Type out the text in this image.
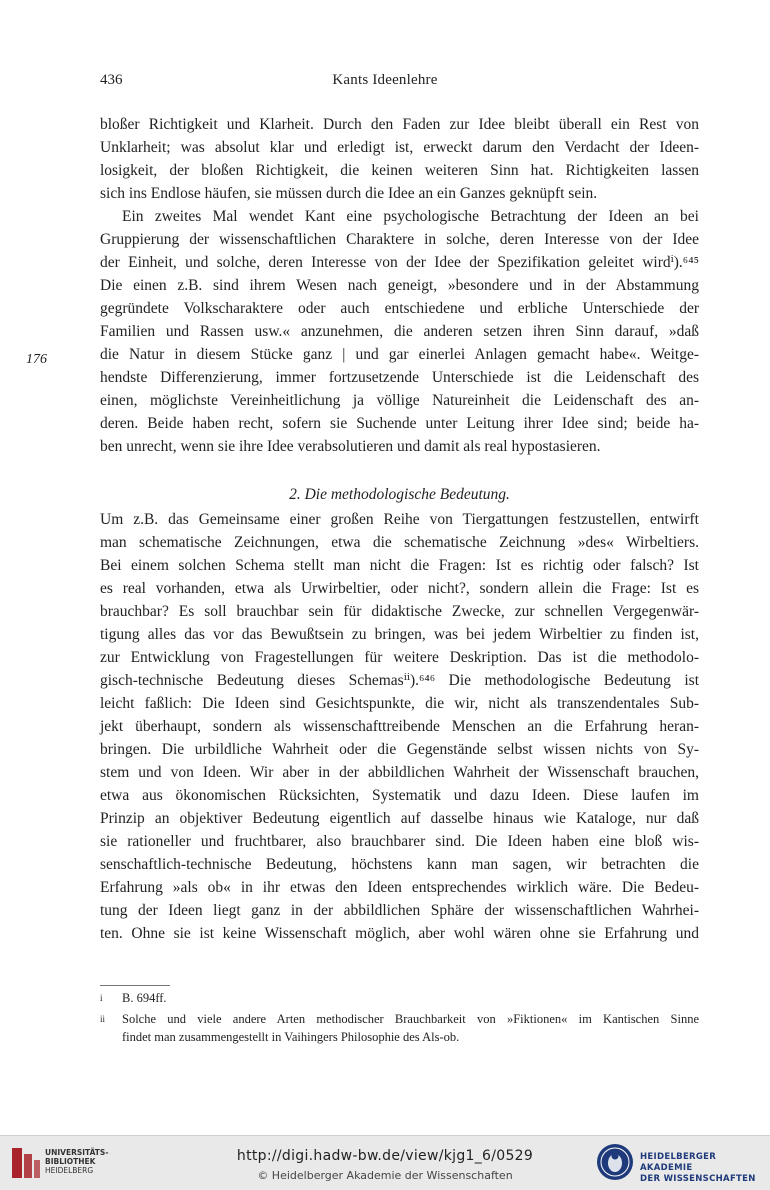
436	Kants Ideenlehre
176
bloßer Richtigkeit und Klarheit. Durch den Faden zur Idee bleibt überall ein Rest von
Unklarheit; was absolut klar und erledigt ist, erweckt darum den Verdacht der Ideen-
losigkeit, der bloßen Richtigkeit, die keinen weiteren Sinn hat. Richtigkeiten lassen
sich ins Endlose häufen, sie müssen durch die Idee an ein Ganzes geknüpft sein.
Ein zweites Mal wendet Kant eine psychologische Betrachtung der Ideen an bei
Gruppierung der wissenschaftlichen Charaktere in solche, deren Interesse von der Idee
der Einheit, und solche, deren Interesse von der Idee der Spezifikation geleitet wirdⁱ).⁶⁴⁵
Die einen z.B. sind ihrem Wesen nach geneigt, »besondere und in der Abstammung
gegründete Volkscharaktere oder auch entschiedene und erbliche Unterschiede der
Familien und Rassen usw.« anzunehmen, die anderen setzen ihren Sinn darauf, »daß
die Natur in diesem Stücke ganz | und gar einerlei Anlagen gemacht habe«. Weitge-
hendste Differenzierung, immer fortzusetzende Unterschiede ist die Leidenschaft des
einen, möglichste Vereinheitlichung ja völlige Natureinheit die Leidenschaft des an-
deren. Beide haben recht, sofern sie Suchende unter Leitung ihrer Idee sind; beide ha-
ben unrecht, wenn sie ihre Idee verabsolutieren und damit als real hypostasieren.
2. Die methodologische Bedeutung.
Um z.B. das Gemeinsame einer großen Reihe von Tiergattungen festzustellen, entwirft
man schematische Zeichnungen, etwa die schematische Zeichnung »des« Wirbeltiers.
Bei einem solchen Schema stellt man nicht die Fragen: Ist es richtig oder falsch? Ist
es real vorhanden, etwa als Urwirbeltier, oder nicht?, sondern allein die Frage: Ist es
brauchbar? Es soll brauchbar sein für didaktische Zwecke, zur schnellen Vergegenwär-
tigung alles das vor das Bewußtsein zu bringen, was bei jedem Wirbeltier zu finden ist,
zur Entwicklung von Fragestellungen für weitere Deskription. Das ist die methodolo-
gisch-technische Bedeutung dieses Schemasⁱⁱ).⁶⁴⁶ Die methodologische Bedeutung ist
leicht faßlich: Die Ideen sind Gesichtspunkte, die wir, nicht als transzendentales Sub-
jekt überhaupt, sondern als wissenschafttreibende Menschen an die Erfahrung heran-
bringen. Die urbildliche Wahrheit oder die Gegenstände selbst wissen nichts von Sy-
stem und von Ideen. Wir aber in der abbildlichen Wahrheit der Wissenschaft brauchen,
etwa aus ökonomischen Rücksichten, Systematik und dazu Ideen. Diese laufen im
Prinzip an objektiver Bedeutung eigentlich auf dasselbe hinaus wie Kataloge, nur daß
sie rationeller und fruchtbarer, also brauchbarer sind. Die Ideen haben eine bloß wis-
senschaftlich-technische Bedeutung, höchstens kann man sagen, wir betrachten die
Erfahrung »als ob« in ihr etwas den Ideen entsprechendes wirklich wäre. Die Bedeu-
tung der Ideen liegt ganz in der abbildlichen Sphäre der wissenschaftlichen Wahrhei-
ten. Ohne sie ist keine Wissenschaft möglich, aber wohl wären ohne sie Erfahrung und
i B. 694ff.
ii Solche und viele andere Arten methodischer Brauchbarkeit von »Fiktionen« im Kantischen Sinne
findet man zusammengestellt in Vaihingers Philosophie des Als-ob.
UNIVERSITÄTS-
BIBLIOTHEK
HEIDELBERG
http://digi.hadw-bw.de/view/kjg1_6/0529
© Heidelberger Akademie der Wissenschaften
HEIDELBERGER AKADEMIE
DER WISSENSCHAFTEN
